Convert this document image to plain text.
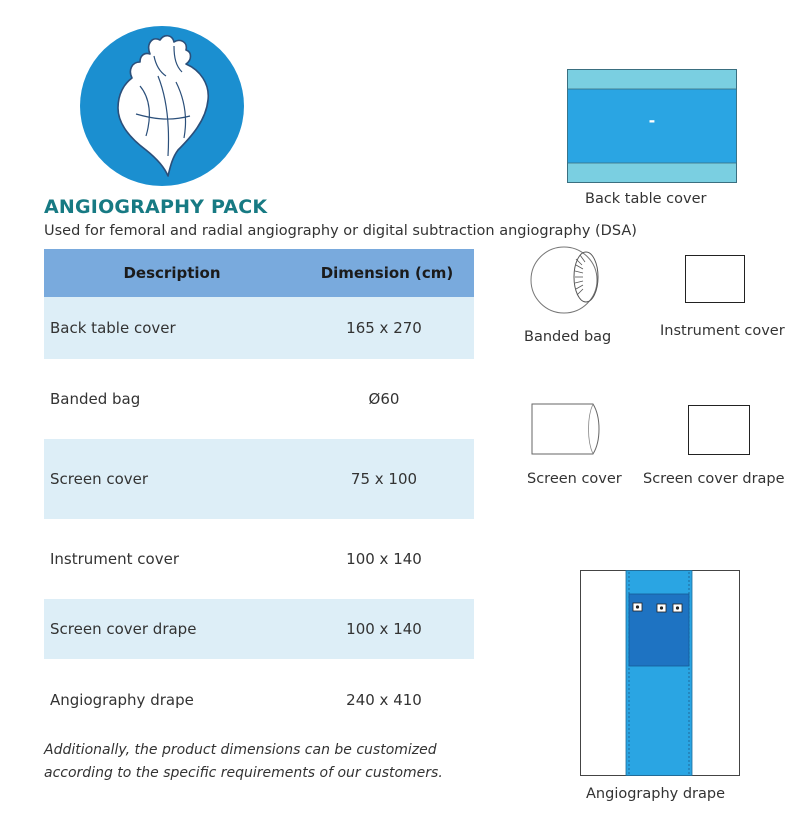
ANGIOGRAPHY PACK
Used for femoral and radial angiography or digital subtraction angiography (DSA)
Description	Dimension (cm)
Back table cover	165 x 270
Banded bag	Ø60
Screen cover	75 x 100
Instrument cover	100 x 140
Screen cover drape	100 x 140
Angiography drape	240 x 410
Additionally, the product dimensions can be customized
according to the specific requirements of our customers.
-
Back table cover
Banded bag	Instrument cover
Screen cover Screen cover drape
Angiography drape
